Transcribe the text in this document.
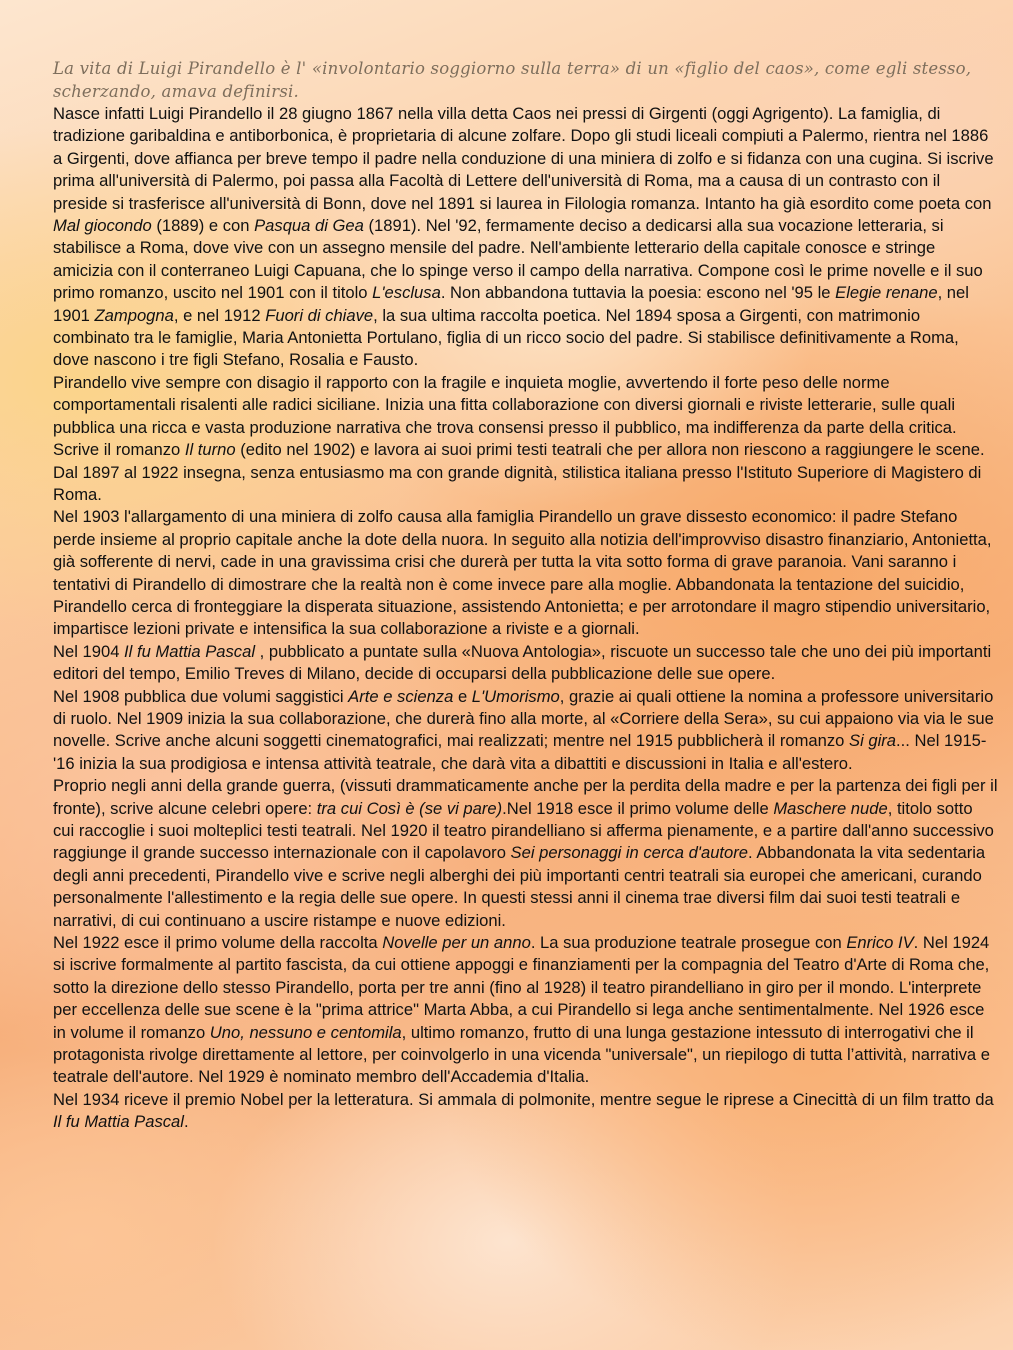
La vita di Luigi Pirandello è l' «involontario soggiorno sulla terra» di un «figlio del caos», come egli stesso, scherzando, amava definirsi.

Nasce infatti Luigi Pirandello il 28 giugno 1867 nella villa detta Caos nei pressi di Girgenti (oggi Agrigento). La famiglia, di tradizione garibaldina e antiborbonica, è proprietaria di alcune zolfare. Dopo gli studi liceali compiuti a Palermo, rientra nel 1886 a Girgenti, dove affianca per breve tempo il padre nella conduzione di una miniera di zolfo e si fidanza con una cugina. Si iscrive prima all'università di Palermo, poi passa alla Facoltà di Lettere dell'università di Roma, ma a causa di un contrasto con il preside si trasferisce all'università di Bonn, dove nel 1891 si laurea in Filologia romanza. Intanto ha già esordito come poeta con Mal giocondo (1889) e con Pasqua di Gea (1891). Nel '92, fermamente deciso a dedicarsi alla sua vocazione letteraria, si stabilisce a Roma, dove vive con un assegno mensile del padre. Nell'ambiente letterario della capitale conosce e stringe amicizia con il conterraneo Luigi Capuana, che lo spinge verso il campo della narrativa. Compone così le prime novelle e il suo primo romanzo, uscito nel 1901 con il titolo L'esclusa. Non abbandona tuttavia la poesia: escono nel '95 le Elegie renane, nel 1901 Zampogna, e nel 1912 Fuori di chiave, la sua ultima raccolta poetica. Nel 1894 sposa a Girgenti, con matrimonio combinato tra le famiglie, Maria Antonietta Portulano, figlia di un ricco socio del padre. Si stabilisce definitivamente a Roma, dove nascono i tre figli Stefano, Rosalia e Fausto.

Pirandello vive sempre con disagio il rapporto con la fragile e inquieta moglie, avvertendo il forte peso delle norme comportamentali risalenti alle radici siciliane. Inizia una fitta collaborazione con diversi giornali e riviste letterarie, sulle quali pubblica una ricca e vasta produzione narrativa che trova consensi presso il pubblico, ma indifferenza da parte della critica. Scrive il romanzo Il turno (edito nel 1902) e lavora ai suoi primi testi teatrali che per allora non riescono a raggiungere le scene. Dal 1897 al 1922 insegna, senza entusiasmo ma con grande dignità, stilistica italiana presso l'Istituto Superiore di Magistero di Roma.

Nel 1903 l'allargamento di una miniera di zolfo causa alla famiglia Pirandello un grave dissesto economico: il padre Stefano perde insieme al proprio capitale anche la dote della nuora. In seguito alla notizia dell'improvviso disastro finanziario, Antonietta, già sofferente di nervi, cade in una gravissima crisi che durerà per tutta la vita sotto forma di grave paranoia. Vani saranno i tentativi di Pirandello di dimostrare che la realtà non è come invece pare alla moglie. Abbandonata la tentazione del suicidio, Pirandello cerca di fronteggiare la disperata situazione, assistendo Antonietta; e per arrotondare il magro stipendio universitario, impartisce lezioni private e intensifica la sua collaborazione a riviste e a giornali.

Nel 1904 Il fu Mattia Pascal , pubblicato a puntate sulla «Nuova Antologia», riscuote un successo tale che uno dei più importanti editori del tempo, Emilio Treves di Milano, decide di occuparsi della pubblicazione delle sue opere.

Nel 1908 pubblica due volumi saggistici Arte e scienza e L'Umorismo, grazie ai quali ottiene la nomina a professore universitario di ruolo. Nel 1909 inizia la sua collaborazione, che durerà fino alla morte, al «Corriere della Sera», su cui appaiono via via le sue novelle. Scrive anche alcuni soggetti cinematografici, mai realizzati; mentre nel 1915 pubblicherà il romanzo Si gira... Nel 1915-'16 inizia la sua prodigiosa e intensa attività teatrale, che darà vita a dibattiti e discussioni in Italia e all'estero.

Proprio negli anni della grande guerra, (vissuti drammaticamente anche per la perdita della madre e per la partenza dei figli per il fronte), scrive alcune celebri opere: tra cui Così è (se vi pare).Nel 1918 esce il primo volume delle Maschere nude, titolo sotto cui raccoglie i suoi molteplici testi teatrali. Nel 1920 il teatro pirandelliano si afferma pienamente, e a partire dall'anno successivo raggiunge il grande successo internazionale con il capolavoro Sei personaggi in cerca d'autore. Abbandonata la vita sedentaria degli anni precedenti, Pirandello vive e scrive negli alberghi dei più importanti centri teatrali sia europei che americani, curando personalmente l'allestimento e la regia delle sue opere. In questi stessi anni il cinema trae diversi film dai suoi testi teatrali e narrativi, di cui continuano a uscire ristampe e nuove edizioni.

Nel 1922 esce il primo volume della raccolta Novelle per un anno. La sua produzione teatrale prosegue con Enrico IV. Nel 1924 si iscrive formalmente al partito fascista, da cui ottiene appoggi e finanziamenti per la compagnia del Teatro d'Arte di Roma che, sotto la direzione dello stesso Pirandello, porta per tre anni (fino al 1928) il teatro pirandelliano in giro per il mondo. L'interprete per eccellenza delle sue scene è la "prima attrice" Marta Abba, a cui Pirandello si lega anche sentimentalmente. Nel 1926 esce in volume il romanzo Uno, nessuno e centomila, ultimo romanzo, frutto di una lunga gestazione intessuto di interrogativi che il protagonista rivolge direttamente al lettore, per coinvolgerlo in una vicenda "universale", un riepilogo di tutta l’attività, narrativa e teatrale dell'autore. Nel 1929 è nominato membro dell'Accademia d'Italia.

Nel 1934 riceve il premio Nobel per la letteratura. Si ammala di polmonite, mentre segue le riprese a Cinecittà di un film tratto da Il fu Mattia Pascal.
